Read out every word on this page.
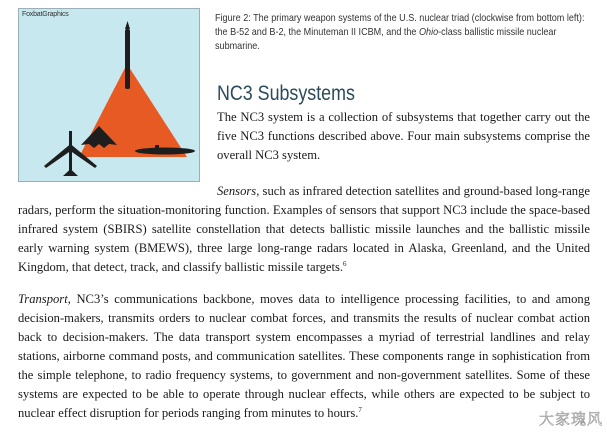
FoxbatGraphics	Figure 2: The primary weapon systems of the U.S. nuclear triad (clockwise from bottom left): the B-52 and B-2, the Minuteman II ICBM, and the Ohio-class ballistic missile nuclear submarine.
NC3 Subsystems

The NC3 system is a collection of subsystems that together carry out the five NC3 functions described above. Four main subsystems comprise the overall NC3 system.

Sensors, such as infrared detection satellites and ground-based long-range radars, perform the situation-monitoring function. Examples of sensors that support NC3 include the space-based infrared system (SBIRS) satellite constellation that detects ballistic missile launches and the ballistic missile early warning system (BMEWS), three large long-range radars located in Alaska, Greenland, and the United Kingdom, that detect, track, and classify ballistic missile targets.$^6$

Transport, NC3’s communications backbone, moves data to intelligence processing facilities, to and among decision-makers, transmits orders to nuclear combat forces, and transmits the results of nuclear combat action back to decision-makers. The data transport system encompasses a myriad of terrestrial landlines and relay stations, airborne command posts, and communication satellites. These components range in sophistication from the simple telephone, to radio frequency systems, to government and non-government satellites. Some of these systems are expected to be able to operate through nuclear effects, while others are expected to be subject to nuclear effect disruption for periods ranging from minutes to hours.$^7$	大家瑰风
